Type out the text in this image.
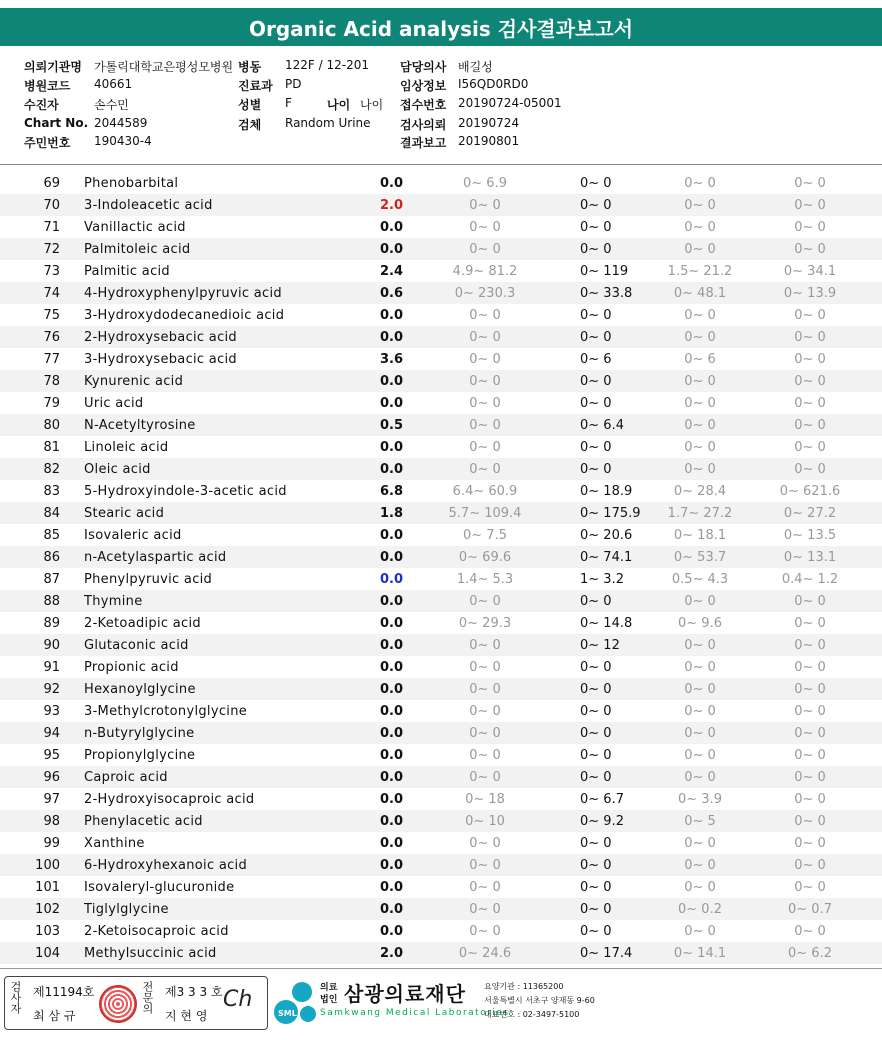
Organic Acid analysis 검사결과보고서
의뢰기관명 가톨릭대학교은평성모병원 병동 122F / 12-201	담당의사 배길성
병원코드 40661	진료과 PD	임상정보 I56QD0RD0
수진자	손수민	성별 F	나이 나이 접수번호 20190724-05001
Chart No. 2044589	검체 Random Urine 검사의뢰 20190724
주민번호 190430-4	결과보고 20190801
69 Phenobarbital	0.0	0~ 6.9	0~ 0	0~ 0	0~ 0
70 3-Indoleacetic acid	2.0	0~ 0	0~ 0	0~ 0	0~ 0
71 Vanillactic acid	0.0	0~ 0	0~ 0	0~ 0	0~ 0
72 Palmitoleic acid	0.0	0~ 0	0~ 0	0~ 0	0~ 0
73 Palmitic acid	2.4	4.9~ 81.2	0~ 119	1.5~ 21.2	0~ 34.1
74 4-Hydroxyphenylpyruvic acid	0.6	0~ 230.3	0~ 33.8	0~ 48.1	0~ 13.9
75 3-Hydroxydodecanedioic acid	0.0	0~ 0	0~ 0	0~ 0	0~ 0
76 2-Hydroxysebacic acid	0.0	0~ 0	0~ 0	0~ 0	0~ 0
77 3-Hydroxysebacic acid	3.6	0~ 0	0~ 6	0~ 6	0~ 0
78 Kynurenic acid	0.0	0~ 0	0~ 0	0~ 0	0~ 0
79 Uric acid	0.0	0~ 0	0~ 0	0~ 0	0~ 0
80 N-Acetyltyrosine	0.5	0~ 0	0~ 6.4	0~ 0	0~ 0
81 Linoleic acid	0.0	0~ 0	0~ 0	0~ 0	0~ 0
82 Oleic acid	0.0	0~ 0	0~ 0	0~ 0	0~ 0
83 5-Hydroxyindole-3-acetic acid	6.8	6.4~ 60.9	0~ 18.9	0~ 28.4	0~ 621.6
84 Stearic acid	1.8	5.7~ 109.4	0~ 175.9	1.7~ 27.2	0~ 27.2
85 Isovaleric acid	0.0	0~ 7.5	0~ 20.6	0~ 18.1	0~ 13.5
86 n-Acetylaspartic acid	0.0	0~ 69.6	0~ 74.1	0~ 53.7	0~ 13.1
87 Phenylpyruvic acid	0.0	1.4~ 5.3	1~ 3.2	0.5~ 4.3	0.4~ 1.2
88 Thymine	0.0	0~ 0	0~ 0	0~ 0	0~ 0
89 2-Ketoadipic acid	0.0	0~ 29.3	0~ 14.8	0~ 9.6	0~ 0
90 Glutaconic acid	0.0	0~ 0	0~ 12	0~ 0	0~ 0
91 Propionic acid	0.0	0~ 0	0~ 0	0~ 0	0~ 0
92 Hexanoylglycine	0.0	0~ 0	0~ 0	0~ 0	0~ 0
93 3-Methylcrotonylglycine	0.0	0~ 0	0~ 0	0~ 0	0~ 0
94 n-Butyrylglycine	0.0	0~ 0	0~ 0	0~ 0	0~ 0
95 Propionylglycine	0.0	0~ 0	0~ 0	0~ 0	0~ 0
96 Caproic acid	0.0	0~ 0	0~ 0	0~ 0	0~ 0
97 2-Hydroxyisocaproic acid	0.0	0~ 18	0~ 6.7	0~ 3.9	0~ 0
98 Phenylacetic acid	0.0	0~ 10	0~ 9.2	0~ 5	0~ 0
99 Xanthine	0.0	0~ 0	0~ 0	0~ 0	0~ 0
100 6-Hydroxyhexanoic acid	0.0	0~ 0	0~ 0	0~ 0	0~ 0
101 Isovaleryl-glucuronide	0.0	0~ 0	0~ 0	0~ 0	0~ 0
102 Tiglylglycine	0.0	0~ 0	0~ 0	0~ 0.2	0~ 0.7
103 2-Ketoisocaproic acid	0.0	0~ 0	0~ 0	0~ 0	0~ 0
104 Methylsuccinic acid	2.0	0~ 24.6	0~ 17.4	0~ 14.1	0~ 6.2
검사자 제11194호
최 삼 규
전문의 제3 3 3 호
지 현 영
Ch
SML
의료
법인 삼광의료재단
Samkwang Medical Laboratories
요양기관 : 11365200
서울특별시 서초구 양재동 9-60
대표번호 : 02-3497-5100
